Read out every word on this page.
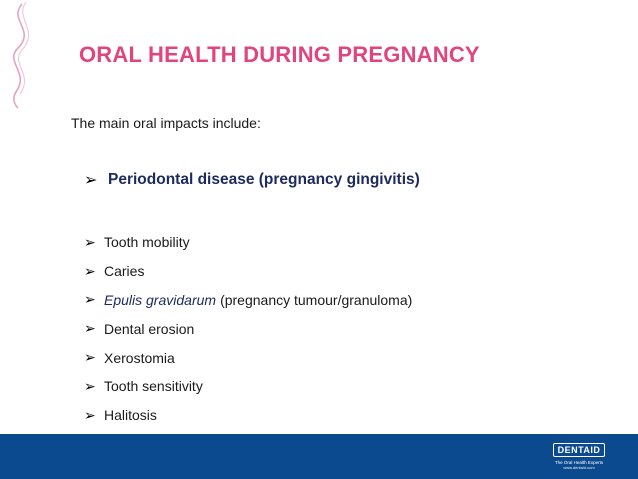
ORAL HEALTH DURING PREGNANCY
The main oral impacts include:
➢ Periodontal disease (pregnancy gingivitis)
➢ Tooth mobility
➢ Caries
➢ Epulis gravidarum (pregnancy tumour/granuloma)
➢ Dental erosion
➢ Xerostomia
➢ Tooth sensitivity
➢ Halitosis
DENTAID
The Oral Health Experts
www.dentaid.com
